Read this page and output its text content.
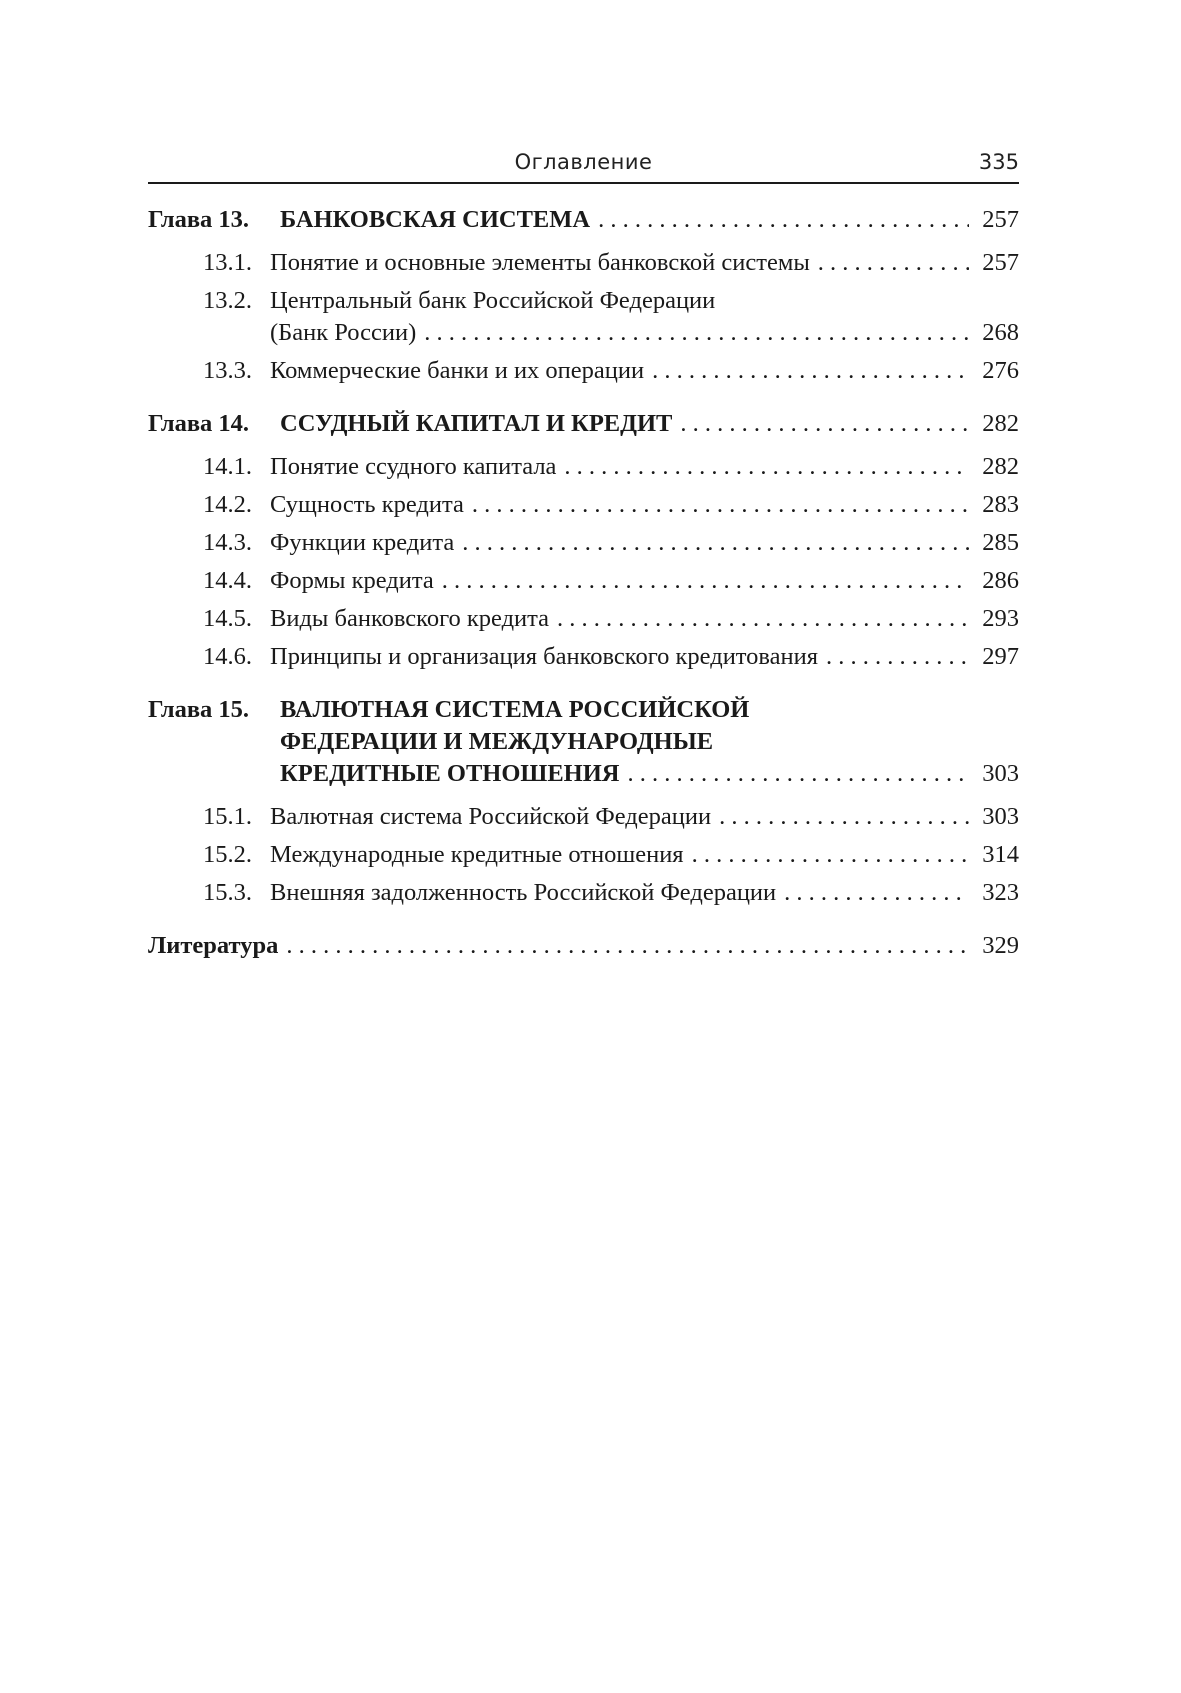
Оглавление	335
Глава 13. БАНКОВСКАЯ СИСТЕМА . . .	257
13.1. Понятие и основные элементы банковской системы . . .	257
13.2. Центральный банк Российской Федерации
(Банк России) . . .	268
13.3. Коммерческие банки и их операции . . .	276
Глава 14. ССУДНЫЙ КАПИТАЛ И КРЕДИТ . . .	282
14.1. Понятие ссудного капитала . . .	282
14.2. Сущность кредита . . .	283
14.3. Функции кредита . . .	285
14.4. Формы кредита . . .	286
14.5. Виды банковского кредита . . .	293
14.6. Принципы и организация банковского кредитования . . .	297
Глава 15. ВАЛЮТНАЯ СИСТЕМА РОССИЙСКОЙ
ФЕДЕРАЦИИ И МЕЖДУНАРОДНЫЕ
КРЕДИТНЫЕ ОТНОШЕНИЯ . . .	303
15.1. Валютная система Российской Федерации . . .	303
15.2. Международные кредитные отношения . . .	314
15.3. Внешняя задолженность Российской Федерации . . .	323
Литература . . .	329
